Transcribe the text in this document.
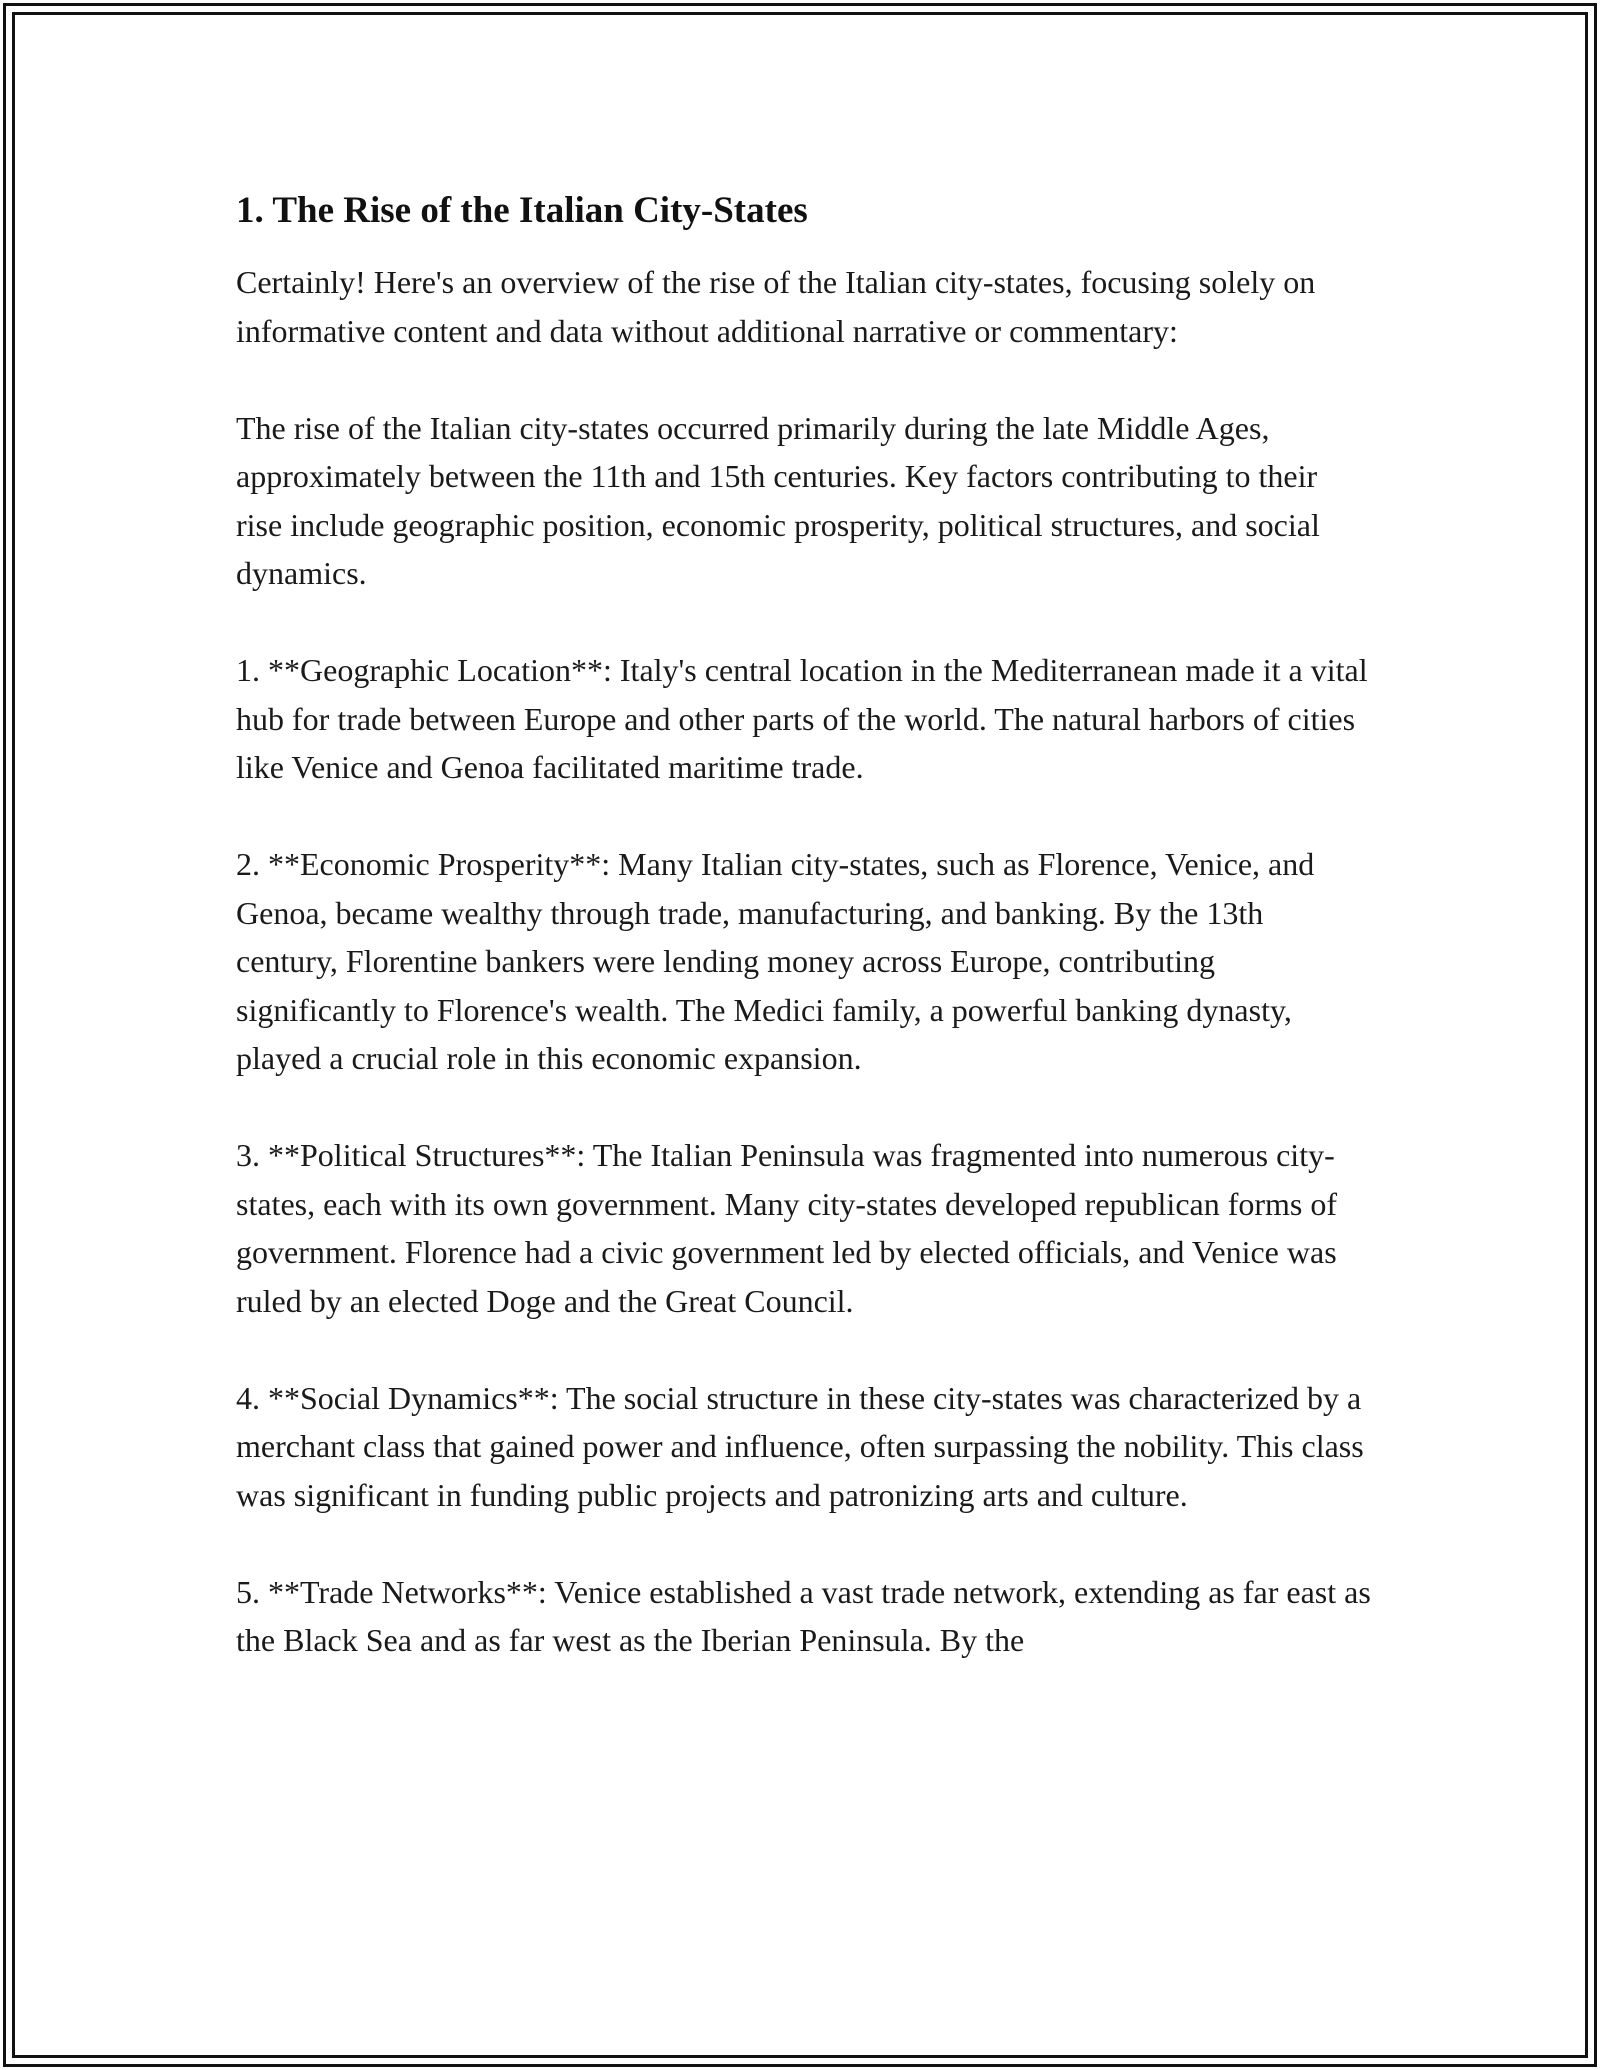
1. The Rise of the Italian City-States

Certainly! Here's an overview of the rise of the Italian city-states, focusing solely on informative content and data without additional narrative or commentary:

The rise of the Italian city-states occurred primarily during the late Middle Ages, approximately between the 11th and 15th centuries. Key factors contributing to their rise include geographic position, economic prosperity, political structures, and social dynamics.

1. **Geographic Location**: Italy's central location in the Mediterranean made it a vital hub for trade between Europe and other parts of the world. The natural harbors of cities like Venice and Genoa facilitated maritime trade.

2. **Economic Prosperity**: Many Italian city-states, such as Florence, Venice, and Genoa, became wealthy through trade, manufacturing, and banking. By the 13th century, Florentine bankers were lending money across Europe, contributing significantly to Florence's wealth. The Medici family, a powerful banking dynasty, played a crucial role in this economic expansion.

3. **Political Structures**: The Italian Peninsula was fragmented into numerous city-states, each with its own government. Many city-states developed republican forms of government. Florence had a civic government led by elected officials, and Venice was ruled by an elected Doge and the Great Council.

4. **Social Dynamics**: The social structure in these city-states was characterized by a merchant class that gained power and influence, often surpassing the nobility. This class was significant in funding public projects and patronizing arts and culture.

5. **Trade Networks**: Venice established a vast trade network, extending as far east as the Black Sea and as far west as the Iberian Peninsula. By the
